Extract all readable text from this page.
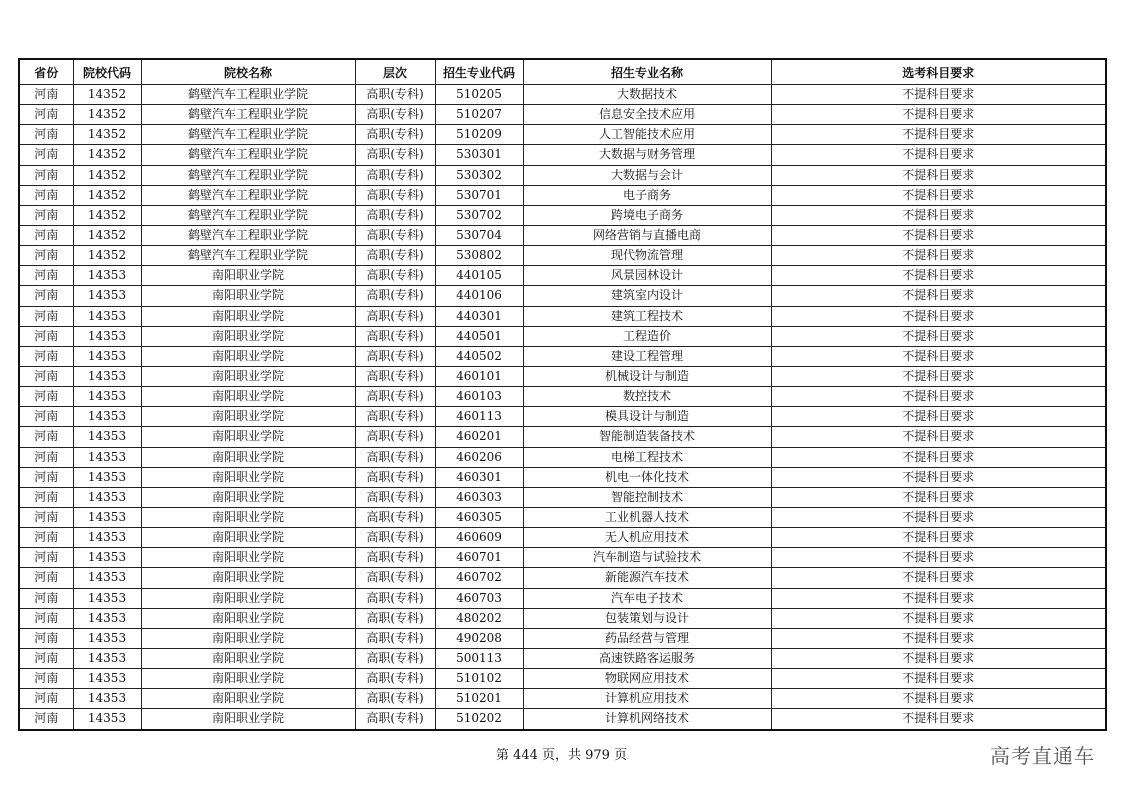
省份	院校代码	院校名称	层次	招生专业代码	招生专业名称	选考科目要求
河南	14352	鹤壁汽车工程职业学院	高职(专科)	510205	大数据技术	不提科目要求
河南	14352	鹤壁汽车工程职业学院	高职(专科)	510207	信息安全技术应用	不提科目要求
河南	14352	鹤壁汽车工程职业学院	高职(专科)	510209	人工智能技术应用	不提科目要求
河南	14352	鹤壁汽车工程职业学院	高职(专科)	530301	大数据与财务管理	不提科目要求
河南	14352	鹤壁汽车工程职业学院	高职(专科)	530302	大数据与会计	不提科目要求
河南	14352	鹤壁汽车工程职业学院	高职(专科)	530701	电子商务	不提科目要求
河南	14352	鹤壁汽车工程职业学院	高职(专科)	530702	跨境电子商务	不提科目要求
河南	14352	鹤壁汽车工程职业学院	高职(专科)	530704	网络营销与直播电商	不提科目要求
河南	14352	鹤壁汽车工程职业学院	高职(专科)	530802	现代物流管理	不提科目要求
河南	14353	南阳职业学院	高职(专科)	440105	风景园林设计	不提科目要求
河南	14353	南阳职业学院	高职(专科)	440106	建筑室内设计	不提科目要求
河南	14353	南阳职业学院	高职(专科)	440301	建筑工程技术	不提科目要求
河南	14353	南阳职业学院	高职(专科)	440501	工程造价	不提科目要求
河南	14353	南阳职业学院	高职(专科)	440502	建设工程管理	不提科目要求
河南	14353	南阳职业学院	高职(专科)	460101	机械设计与制造	不提科目要求
河南	14353	南阳职业学院	高职(专科)	460103	数控技术	不提科目要求
河南	14353	南阳职业学院	高职(专科)	460113	模具设计与制造	不提科目要求
河南	14353	南阳职业学院	高职(专科)	460201	智能制造装备技术	不提科目要求
河南	14353	南阳职业学院	高职(专科)	460206	电梯工程技术	不提科目要求
河南	14353	南阳职业学院	高职(专科)	460301	机电一体化技术	不提科目要求
河南	14353	南阳职业学院	高职(专科)	460303	智能控制技术	不提科目要求
河南	14353	南阳职业学院	高职(专科)	460305	工业机器人技术	不提科目要求
河南	14353	南阳职业学院	高职(专科)	460609	无人机应用技术	不提科目要求
河南	14353	南阳职业学院	高职(专科)	460701	汽车制造与试验技术	不提科目要求
河南	14353	南阳职业学院	高职(专科)	460702	新能源汽车技术	不提科目要求
河南	14353	南阳职业学院	高职(专科)	460703	汽车电子技术	不提科目要求
河南	14353	南阳职业学院	高职(专科)	480202	包装策划与设计	不提科目要求
河南	14353	南阳职业学院	高职(专科)	490208	药品经营与管理	不提科目要求
河南	14353	南阳职业学院	高职(专科)	500113	高速铁路客运服务	不提科目要求
河南	14353	南阳职业学院	高职(专科)	510102	物联网应用技术	不提科目要求
河南	14353	南阳职业学院	高职(专科)	510201	计算机应用技术	不提科目要求
河南	14353	南阳职业学院	高职(专科)	510202	计算机网络技术	不提科目要求
第 444 页，共 979 页	高考直通车
